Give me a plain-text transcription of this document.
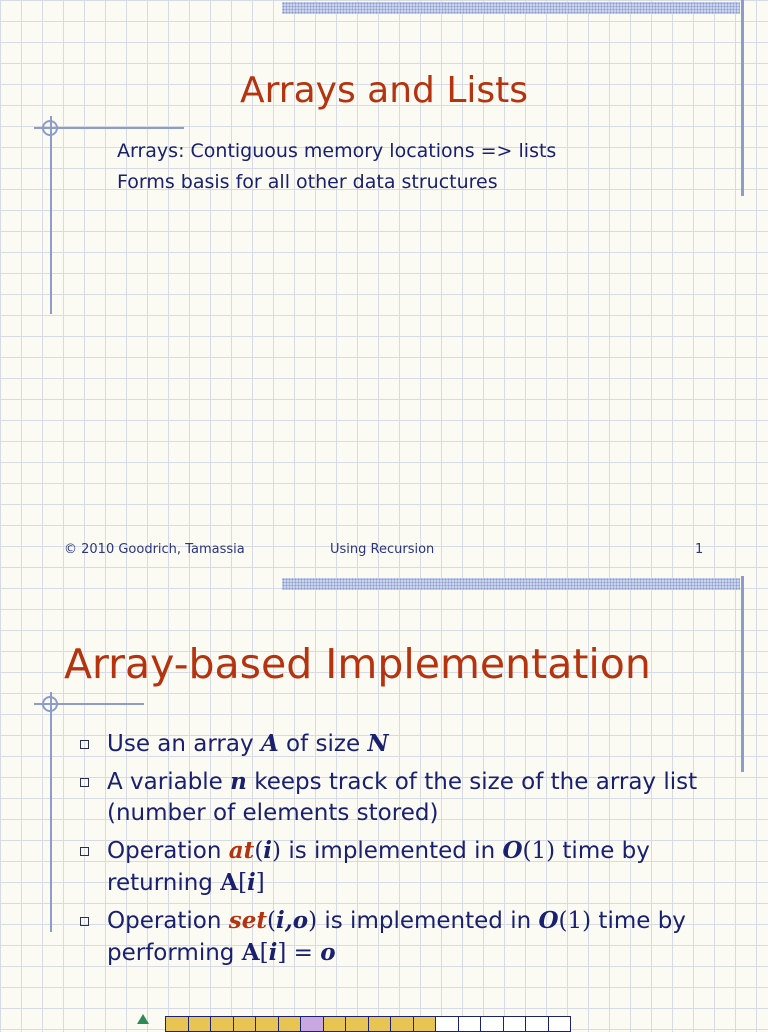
Arrays and Lists
Arrays: Contiguous memory locations => lists
Forms basis for all other data structures
© 2010 Goodrich, Tamassia	Using Recursion	1
Array-based Implementation
Use an array A of size N
A variable n keeps track of the size of the array list
(number of elements stored)
Operation at(i) is implemented in O(1) time by
returning A[i]
Operation set(i,o) is implemented in O(1) time by
performing A[i] = o
